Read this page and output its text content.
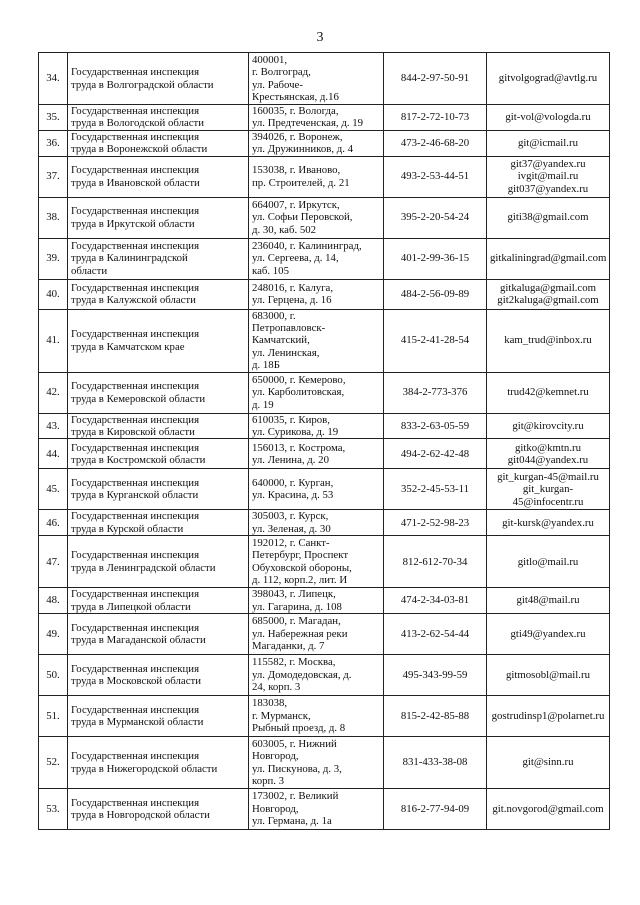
3
34.	Государственная инспекция
труда в Волгоградской области	400001,
г. Волгоград,
ул. Рабоче-
Крестьянская, д.16	844-2-97-50-91	gitvolgograd@avtlg.ru

35.	Государственная инспекция
труда в Вологодской области	160035, г. Вологда,
ул. Предтеченская, д. 19	817-2-72-10-73	git-vol@vologda.ru

36.	Государственная инспекция
труда в Воронежской области	394026, г. Воронеж,
ул. Дружинников, д. 4	473-2-46-68-20	git@icmail.ru

37.	Государственная инспекция
труда в Ивановской области	153038, г. Иваново,
пр. Строителей, д. 21	493-2-53-44-51	git37@yandex.ru
ivgit@mail.ru
git037@yandex.ru

38.	Государственная инспекция
труда в Иркутской области	664007, г. Иркутск,
ул. Софьи Перовской,
д. 30, каб. 502	395-2-20-54-24	giti38@gmail.com

39.	Государственная инспекция
труда в Калининградской
области	236040, г. Калининград,
ул. Сергеева, д. 14,
каб. 105	401-2-99-36-15	gitkaliningrad@gmail.com

40.	Государственная инспекция
труда в Калужской области	248016, г. Калуга,
ул. Герцена, д. 16	484-2-56-09-89	gitkaluga@gmail.com
git2kaluga@gmail.com

41.	Государственная инспекция
труда в Камчатском крае	683000, г.
Петропавловск-
Камчатский,
ул. Ленинская,
д. 18Б	415-2-41-28-54	kam_trud@inbox.ru

42.	Государственная инспекция
труда в Кемеровской области	650000, г. Кемерово,
ул. Карболитовская,
д. 19	384-2-773-376	trud42@kemnet.ru

43.	Государственная инспекция
труда в Кировской области	610035, г. Киров,
ул. Сурикова, д. 19	833-2-63-05-59	git@kirovcity.ru

44.	Государственная инспекция
труда в Костромской области	156013, г. Кострома,
ул. Ленина, д. 20	494-2-62-42-48	gitko@kmtn.ru
git044@yandex.ru

45.	Государственная инспекция
труда в Курганской области	640000, г. Курган,
ул. Красина, д. 53	352-2-45-53-11	git_kurgan-45@mail.ru
git_kurgan-
45@infocentr.ru

46.	Государственная инспекция
труда в Курской области	305003, г. Курск,
ул. Зеленая, д. 30	471-2-52-98-23	git-kursk@yandex.ru

47.	Государственная инспекция
труда в Ленинградской области	192012, г. Санкт-
Петербург, Проспект
Обуховской обороны,
д. 112, корп.2, лит. И	812-612-70-34	gitlo@mail.ru

48.	Государственная инспекция
труда в Липецкой области	398043, г. Липецк,
ул. Гагарина, д. 108	474-2-34-03-81	git48@mail.ru

49.	Государственная инспекция
труда в Магаданской области	685000, г. Магадан,
ул. Набережная реки
Магаданки, д. 7	413-2-62-54-44	gti49@yandex.ru

50.	Государственная инспекция
труда в Московской области	115582, г. Москва,
ул. Домодедовская, д.
24, корп. 3	495-343-99-59	gitmosobl@mail.ru

51.	Государственная инспекция
труда в Мурманской области	183038,
г. Мурманск,
Рыбный проезд, д. 8	815-2-42-85-88	gostrudinsp1@polarnet.ru

52.	Государственная инспекция
труда в Нижегородской области	603005, г. Нижний
Новгород,
ул. Пискунова, д. 3,
корп. 3	831-433-38-08	git@sinn.ru

53.	Государственная инспекция
труда в Новгородской области	173002, г. Великий
Новгород,
ул. Германа, д. 1а	816-2-77-94-09	git.novgorod@gmail.com
